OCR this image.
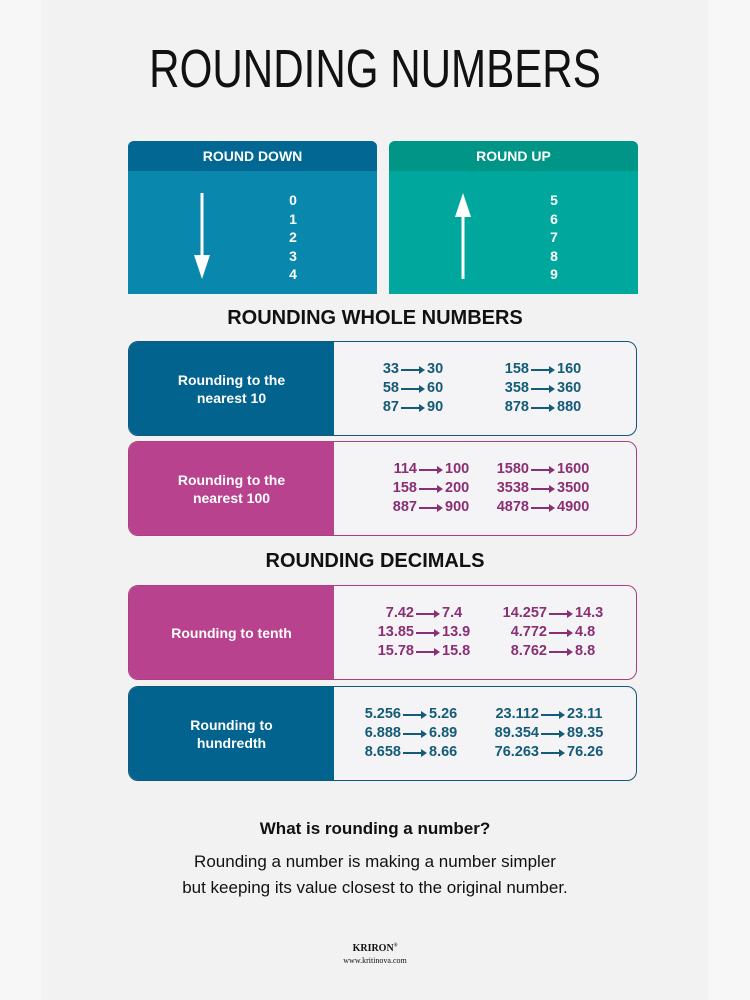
ROUNDING NUMBERS
ROUND DOWN
0
1
2
3
4
ROUND UP
5
6
7
8
9
ROUNDING WHOLE NUMBERS
Rounding to the nearest 10
33 30
58 60
87 90
158 160
358 360
878 880
Rounding to the nearest 100
114 100
158 200
887 900
1580 1600
3538 3500
4878 4900
ROUNDING DECIMALS
Rounding to tenth
7.42 7.4
13.85 13.9
15.78 15.8
14.257 14.3
4.772 4.8
8.762 8.8
Rounding to hundredth
5.256 5.26
6.888 6.89
8.658 8.66
23.112 23.11
89.354 89.35
76.263 76.26
What is rounding a number?
Rounding a number is making a number simpler
but keeping its value closest to the original number.
KRIRON®
www.kritinova.com
